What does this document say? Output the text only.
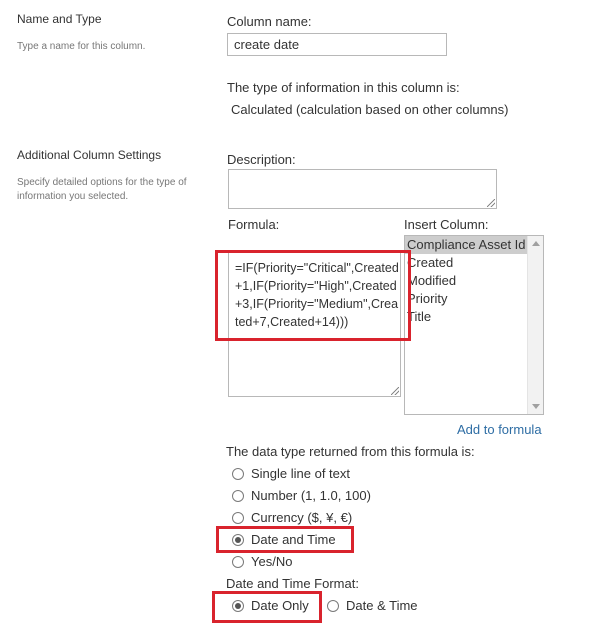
Name and Type
Type a name for this column.
Additional Column Settings
Specify detailed options for the type of information you selected.
Column name:
create date
The type of information in this column is:
Calculated (calculation based on other columns)
Description:
Formula:
=IF(Priority="Critical",Created+1,IF(Priority="High",Created+3,IF(Priority="Medium",Created+7,Created+14)))
Insert Column:
Compliance Asset Id
Created
Modified
Priority
Title
Add to formula
The data type returned from this formula is:
Single line of text
Number (1, 1.0, 100)
Currency ($, ¥, €)
Date and Time
Yes/No
Date and Time Format:
Date Only	Date & Time
